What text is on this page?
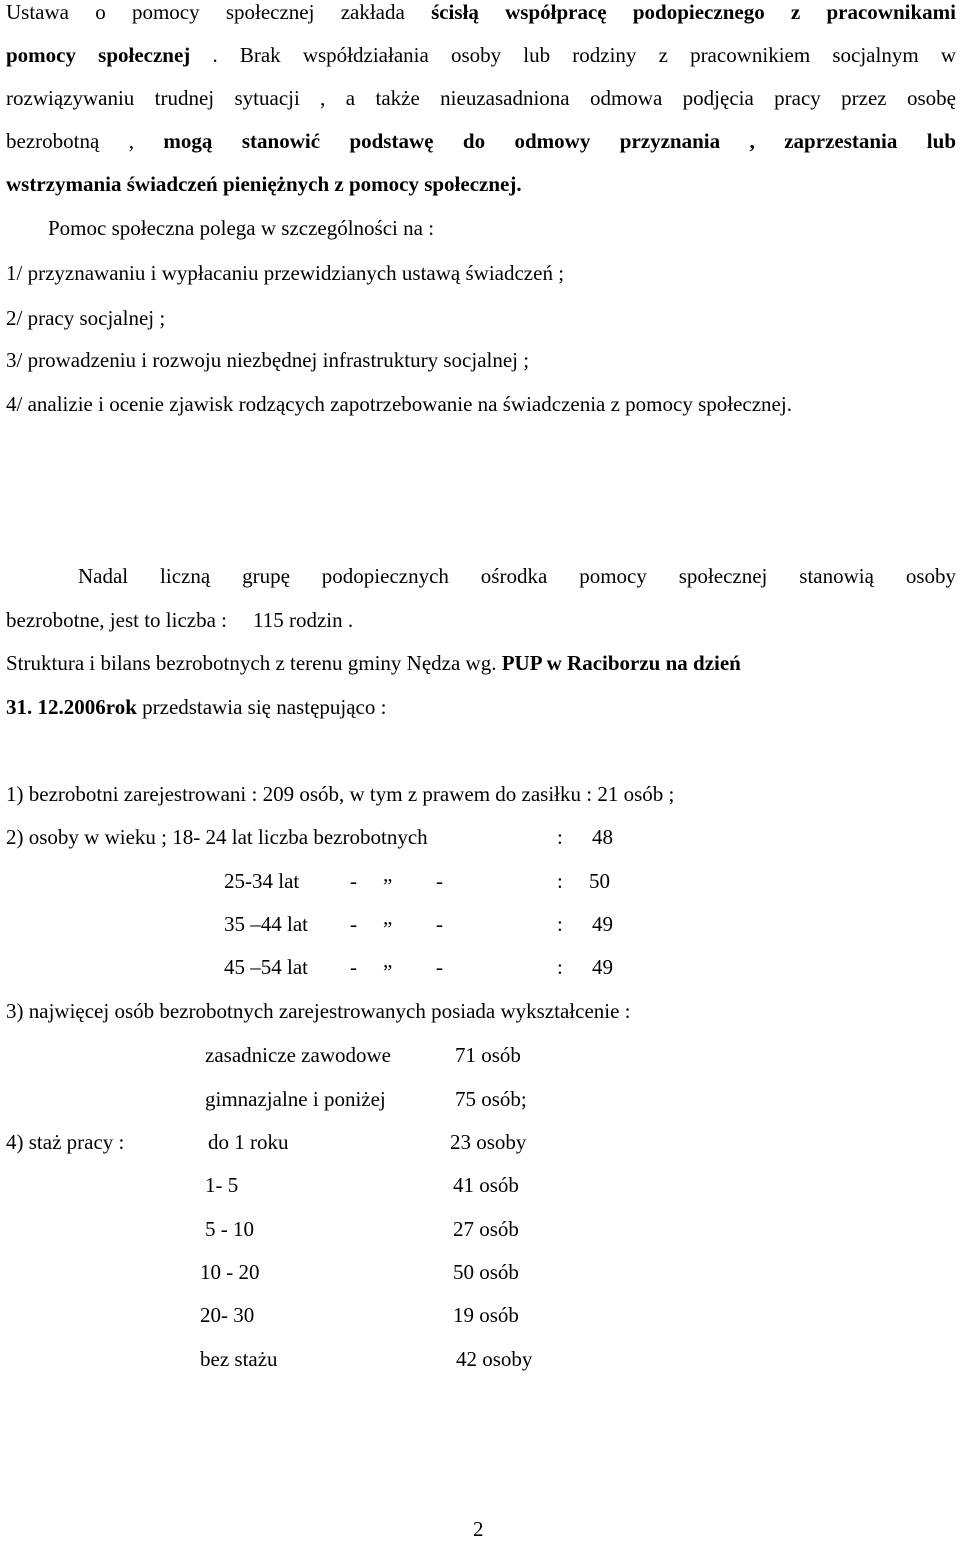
Ustawa o pomocy społecznej zakłada ścisłą współpracę podopiecznego z pracownikami
pomocy społecznej . Brak współdziałania osoby lub rodziny z pracownikiem socjalnym w
rozwiązywaniu trudnej sytuacji , a także nieuzasadniona odmowa podjęcia pracy przez osobę
bezrobotną , mogą stanowić podstawę do odmowy przyznania , zaprzestania lub
wstrzymania świadczeń pieniężnych z pomocy społecznej.
Pomoc społeczna polega w szczególności na :
1/ przyznawaniu i wypłacaniu przewidzianych ustawą świadczeń ;
2/ pracy socjalnej ;
3/ prowadzeniu i rozwoju niezbędnej infrastruktury socjalnej ;
4/ analizie i ocenie zjawisk rodzących zapotrzebowanie na świadczenia z pomocy społecznej.
Nadal liczną grupę podopiecznych ośrodka pomocy społecznej stanowią osoby
bezrobotne, jest to liczba : 115 rodzin .
Struktura i bilans bezrobotnych z terenu gminy Nędza wg. PUP w Raciborzu na dzień
31. 12.2006rok przedstawia się następująco :
1) bezrobotni zarejestrowani : 209 osób, w tym z prawem do zasiłku : 21 osób ;
2) osoby w wieku ; 18- 24 lat liczba bezrobotnych	: 48
25-34 lat - „ -	: 50
35 –44 lat - „ -	: 49
45 –54 lat - „ -	: 49
3) najwięcej osób bezrobotnych zarejestrowanych posiada wykształcenie :
zasadnicze zawodowe	71 osób
gimnazjalne i poniżej	75 osób;
4) staż pracy :	do 1 roku	23 osoby
1- 5	41 osób
5 - 10	27 osób
10 - 20	50 osób
20- 30	19 osób
bez stażu	42 osoby
2
